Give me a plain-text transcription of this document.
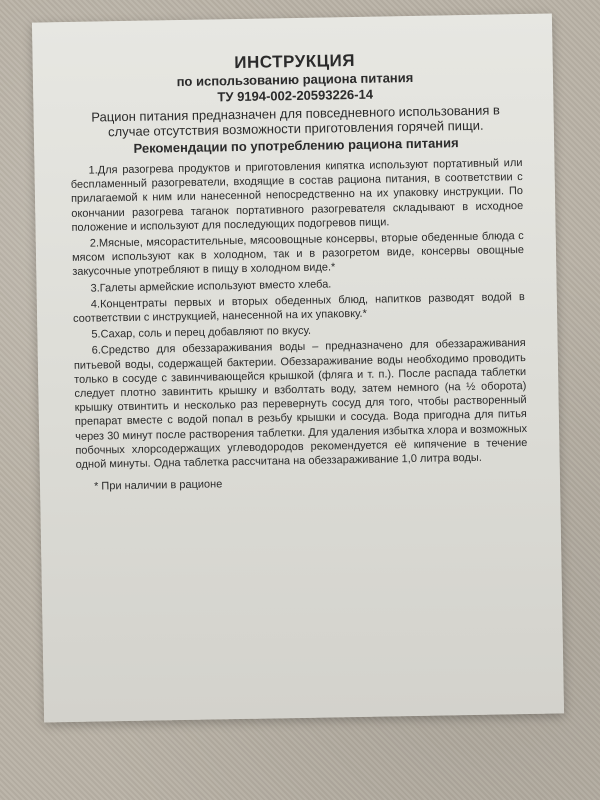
ИНСТРУКЦИЯ

по использованию рациона питания

ТУ 9194-002-20593226-14

Рацион питания предназначен для повседневного использования в случае отсутствия возможности приготовления горячей пищи.

Рекомендации по употреблению рациона питания

1.Для разогрева продуктов и приготовления кипятка используют портативный или беспламенный разогреватели, входящие в состав рациона питания, в соответствии с прилагаемой к ним или нанесенной непосредственно на их упаковку инструкции. По окончании разогрева таганок портативного разогревателя складывают в исходное положение и используют для последующих подогревов пищи.

2.Мясные, мясорастительные, мясоовощные консервы, вторые обеденные блюда с мясом используют как в холодном, так и в разогретом виде, консервы овощные закусочные употребляют в пищу в холодном виде.*

3.Галеты армейские используют вместо хлеба.

4.Концентраты первых и вторых обеденных блюд, напитков разводят водой в соответствии с инструкцией, нанесенной на их упаковку.*

5.Сахар, соль и перец добавляют по вкусу.

6.Средство для обеззараживания воды – предназначено для обеззараживания питьевой воды, содержащей бактерии. Обеззараживание воды необходимо проводить только в сосуде с завинчивающейся крышкой (фляга и т. п.). После распада таблетки следует плотно завинтить крышку и взболтать воду, затем немного (на ½ оборота) крышку отвинтить и несколько раз перевернуть сосуд для того, чтобы растворенный препарат вместе с водой попал в резьбу крышки и сосуда. Вода пригодна для питья через 30 минут после растворения таблетки. Для удаления избытка хлора и возможных побочных хлорсодержащих углеводородов рекомендуется её кипячение в течение одной минуты. Одна таблетка рассчитана на обеззараживание 1,0 литра воды.

* При наличии в рационе
